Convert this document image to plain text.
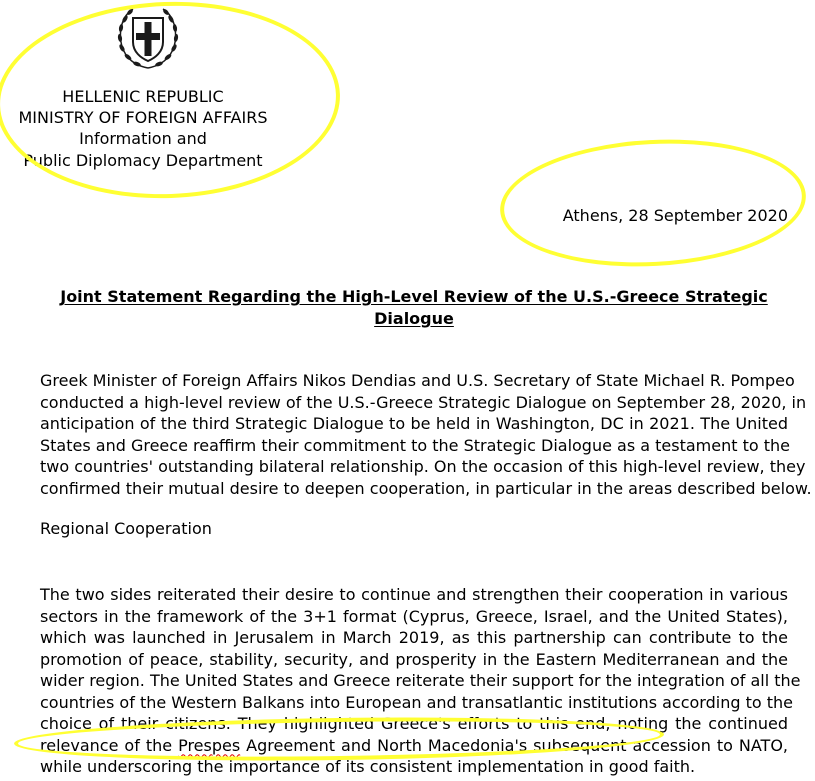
HELLENIC REPUBLIC
MINISTRY OF FOREIGN AFFAIRS
Information and
Public Diplomacy Department
Athens, 28 September 2020
Joint Statement Regarding the High-Level Review of the U.S.-Greece Strategic
Dialogue
Greek Minister of Foreign Affairs Nikos Dendias and U.S. Secretary of State Michael R. Pompeo
conducted a high-level review of the U.S.-Greece Strategic Dialogue on September 28, 2020, in
anticipation of the third Strategic Dialogue to be held in Washington, DC in 2021. The United
States and Greece reaffirm their commitment to the Strategic Dialogue as a testament to the
two countries' outstanding bilateral relationship. On the occasion of this high-level review, they
confirmed their mutual desire to deepen cooperation, in particular in the areas described below.
Regional Cooperation
The two sides reiterated their desire to continue and strengthen their cooperation in various
sectors in the framework of the 3+1 format (Cyprus, Greece, Israel, and the United States),
which was launched in Jerusalem in March 2019, as this partnership can contribute to the
promotion of peace, stability, security, and prosperity in the Eastern Mediterranean and the
wider region. The United States and Greece reiterate their support for the integration of all the
countries of the Western Balkans into European and transatlantic institutions according to the
choice of their citizens. They highlighted Greece's efforts to this end, noting the continued
relevance of the Prespes Agreement and North Macedonia's subsequent accession to NATO,
while underscoring the importance of its consistent implementation in good faith.
